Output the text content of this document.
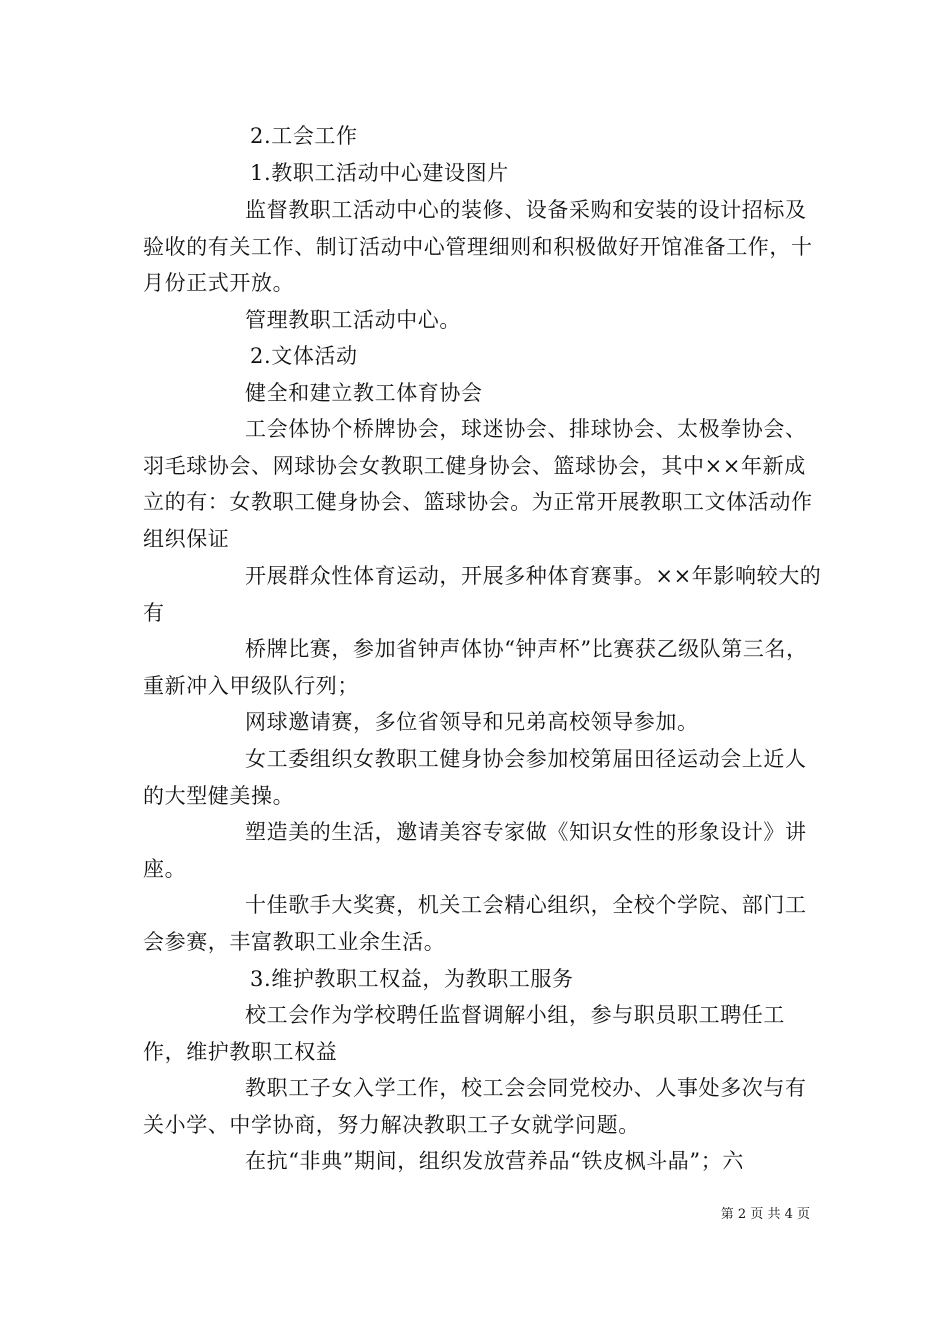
2.工会工作

1.教职工活动中心建设图片

监督教职工活动中心的装修、设备采购和安装的设计招标及验收的有关工作、制订活动中心管理细则和积极做好开馆准备工作，十月份正式开放。

管理教职工活动中心。

2.文体活动

健全和建立教工体育协会

工会体协个桥牌协会，球迷协会、排球协会、太极拳协会、羽毛球协会、网球协会女教职工健身协会、篮球协会，其中××年新成立的有：女教职工健身协会、篮球协会。为正常开展教职工文体活动作组织保证

开展群众性体育运动，开展多种体育赛事。××年影响较大的有

桥牌比赛，参加省钟声体协“钟声杯”比赛获乙级队第三名，重新冲入甲级队行列；

网球邀请赛，多位省领导和兄弟高校领导参加。

女工委组织女教职工健身协会参加校第届田径运动会上近人的大型健美操。

塑造美的生活，邀请美容专家做《知识女性的形象设计》讲座。

十佳歌手大奖赛，机关工会精心组织，全校个学院、部门工会参赛，丰富教职工业余生活。

3.维护教职工权益，为教职工服务

校工会作为学校聘任监督调解小组，参与职员职工聘任工作，维护教职工权益

教职工子女入学工作，校工会会同党校办、人事处多次与有关小学、中学协商，努力解决教职工子女就学问题。

在抗“非典”期间，组织发放营养品“铁皮枫斗晶”；六

第 2 页 共 4 页
